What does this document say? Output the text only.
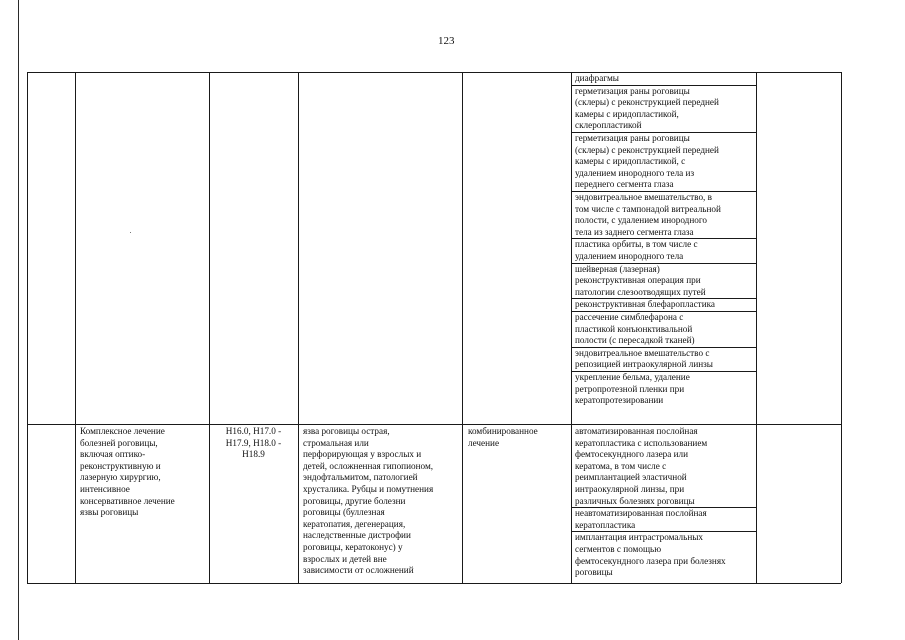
123
диафрагмы
герметизация раны роговицы
(склеры) с реконструкцией передней
камеры с иридопластикой,
склеропластикой
герметизация раны роговицы
(склеры) с реконструкцией передней
камеры с иридопластикой, с
удалением инородного тела из
переднего сегмента глаза
эндовитреальное вмешательство, в
том числе с тампонадой витреальной
полости, с удалением инородного
тела из заднего сегмента глаза
пластика орбиты, в том числе с
удалением инородного тела
шейверная (лазерная)
реконструктивная операция при
патологии слезоотводящих путей
реконструктивная блефаропластика
рассечение симблефарона с
пластикой конъюнктивальной
полости (с пересадкой тканей)
эндовитреальное вмешательство с
репозицией интраокулярной линзы
укрепление бельма, удаление
ретропротезной пленки при
кератопротезировании
Комплексное лечение
болезней роговицы,
включая оптико-
реконструктивную и
лазерную хирургию,
интенсивное
консервативное лечение
язвы роговицы
H16.0, H17.0 -
H17.9, H18.0 -
H18.9
язва роговицы острая,
стромальная или
перфорирующая у взрослых и
детей, осложненная гипопионом,
эндофтальмитом, патологией
хрусталика. Рубцы и помутнения
роговицы, другие болезни
роговицы (буллезная
кератопатия, дегенерация,
наследственные дистрофии
роговицы, кератоконус) у
взрослых и детей вне
зависимости от осложнений
комбинированное
лечение
автоматизированная послойная
кератопластика с использованием
фемтосекундного лазера или
кератома, в том числе с
реимплантацией эластичной
интраокулярной линзы, при
различных болезнях роговицы
неавтоматизированная послойная
кератопластика
имплантация интрастромальных
сегментов с помощью
фемтосекундного лазера при болезнях
роговицы
